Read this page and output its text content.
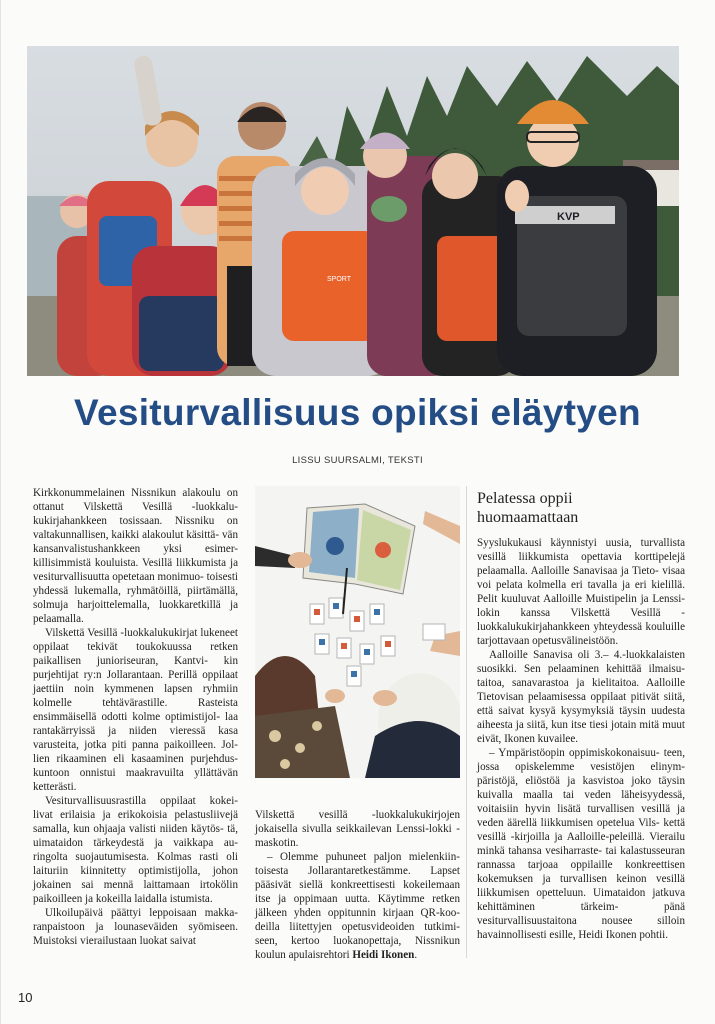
SPORT
KVP
Vesiturvallisuus opiksi eläytyen
LISSU SUURSALMI, TEKSTI

Kirkkonummelainen Nissnikun alakoulu on ottanut Vilskettä Vesillä -luokkalu- kukirjahankkeen tosissaan. Nissniku on valtakunnallisen, kaikki alakoulut käsittä- vän kansanvalistushankkeen yksi esimer- killisimmistä kouluista. Vesillä liikkumista ja vesiturvallisuutta opetetaan monimuo- toisesti yhdessä lukemalla, ryhmätöillä, piirtämällä, solmuja harjoittelemalla, luokkaretkillä ja pelaamalla.

Vilskettä Vesillä -luokkalukukirjat lukeneet oppilaat tekivät toukokuussa retken paikallisen junioriseuran, Kantvi- kin purjehtijat ry:n Jollarantaan. Perillä oppilaat jaettiin noin kymmenen lapsen ryhmiin kolmelle tehtävärastille. Rasteista ensimmäisellä odotti kolme optimistijol- laa rantakärryissä ja niiden vieressä kasa varusteita, jotka piti panna paikoilleen. Jol- lien rikaaminen eli kasaaminen purjehdus- kuntoon onnistui maakravuilta yllättävän ketterästi.

Vesiturvallisuusrastilla oppilaat kokei- livat erilaisia ja erikokoisia pelastusliivejä samalla, kun ohjaaja valisti niiden käytös- tä, uimataidon tärkeydestä ja vaikkapa au- ringolta suojautumisesta. Kolmas rasti oli laituriin kiinnitetty optimistijolla, johon jokainen sai mennä laittamaan irtokölin paikoilleen ja kokeilla laidalla istumista.

Ulkoilupäivä päättyi leppoisaan makka- ranpaistoon ja lounaseväiden syömiseen. Muistoksi vierailustaan luokat saivat

Vilskettä vesillä -luokkalukukirjojen jokaisella sivulla seikkailevan Lenssi-lokki -maskotin.

– Olemme puhuneet paljon mielenkiin- toisesta Jollarantaretkestämme. Lapset pääsivät siellä konkreettisesti kokeilemaan itse ja oppimaan uutta. Käytimme retken jälkeen yhden oppitunnin kirjaan QR-koo- deilla liitettyjen opetusvideoiden tutkimi- seen, kertoo luokanopettaja, Nissnikun koulun apulaisrehtori Heidi Ikonen.

Pelatessa oppii huomaamattaan

Syyslukukausi käynnistyi uusia, turvallista vesillä liikkumista opettavia korttipelejä pelaamalla. Aalloille Sanavisaa ja Tieto- visaa voi pelata kolmella eri tavalla ja eri kielillä. Pelit kuuluvat Aalloille Muistipelin ja Lenssi-lokin kanssa Vilskettä Vesillä -luokkalukukirjahankkeen yhteydessä kouluille tarjottavaan opetusvälineistöön.

Aalloille Sanavisa oli 3.– 4.-luokkalaisten suosikki. Sen pelaaminen kehittää ilmaisu- taitoa, sanavarastoa ja kielitaitoa. Aalloille Tietovisan pelaamisessa oppilaat pitivät siitä, että saivat kysyä kysymyksiä täysin uudesta aiheesta ja siitä, kun itse tiesi jotain mitä muut eivät, Ikonen kuvailee.

– Ympäristöopin oppimiskokonaisuu- teen, jossa opiskelemme vesistöjen elinym- päristöjä, eliöstöä ja kasvistoa joko täysin kuivalla maalla tai veden läheisyydessä, voitaisiin hyvin lisätä turvallisen vesillä ja veden äärellä liikkumisen opetelua Vils- kettä vesillä -kirjoilla ja Aalloille-peleillä. Vierailu minkä tahansa vesiharraste- tai kalastusseuran rannassa tarjoaa oppilaille konkreettisen kokemuksen ja turvallisen keinon vesillä liikkumisen opetteluun. Uimataidon jatkuva kehittäminen tärkeim- pänä vesiturvallisuustaitona nousee silloin havainnollisesti esille, Heidi Ikonen pohtii.

10
